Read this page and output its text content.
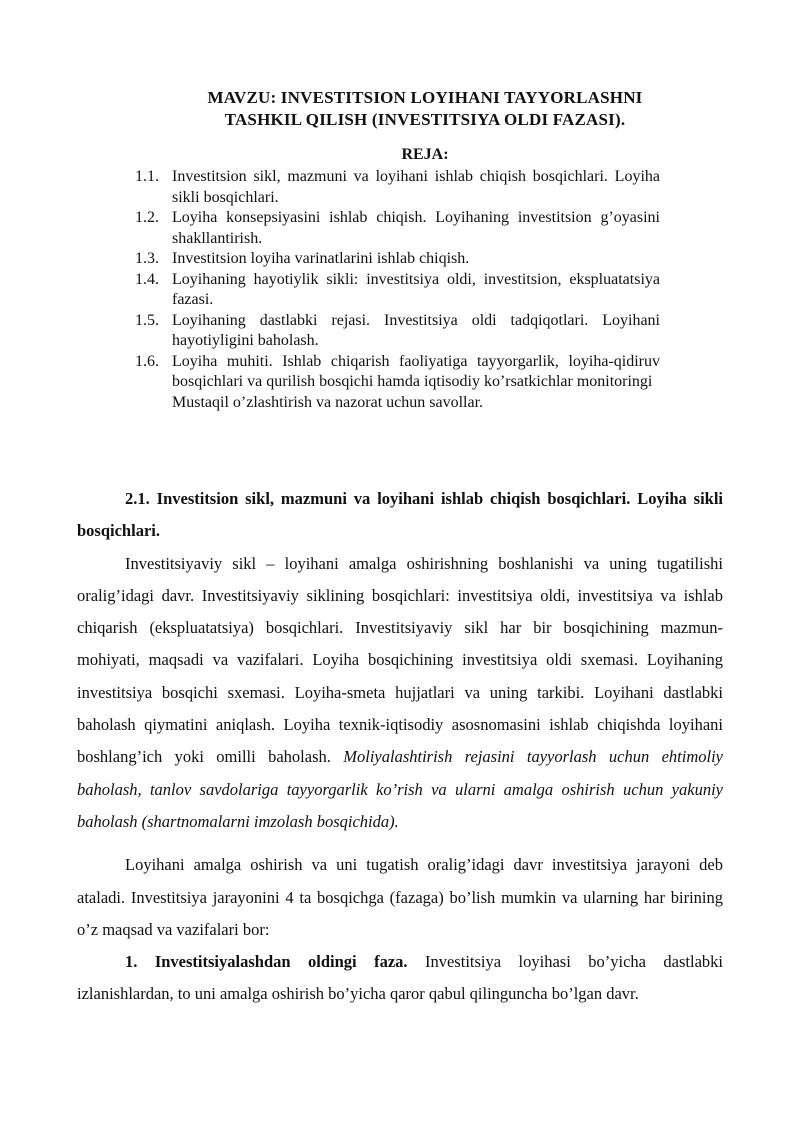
MAVZU: INVESTITSION LOYIHANI TAYYORLASHNI
TASHKIL QILISH (INVESTITSIYA OLDI FAZASI).
REJA:
1.1. Investitsion sikl, mazmuni va loyihani ishlab chiqish bosqichlari. Loyiha sikli bosqichlari.
1.2. Loyiha konsepsiyasini ishlab chiqish. Loyihaning investitsion g’oyasini shakllantirish.
1.3. Investitsion loyiha varinatlarini ishlab chiqish.
1.4. Loyihaning hayotiylik sikli: investitsiya oldi, investitsion, ekspluatatsiya fazasi.
1.5. Loyihaning dastlabki rejasi. Investitsiya oldi tadqiqotlari. Loyihani hayotiyligini baholash.
1.6. Loyiha muhiti. Ishlab chiqarish faoliyatiga tayyorgarlik, loyiha-qidiruv bosqichlari va qurilish bosqichi hamda iqtisodiy ko’rsatkichlar monitoringi
Mustaqil o’zlashtirish va nazorat uchun savollar.

2.1. Investitsion sikl, mazmuni va loyihani ishlab chiqish bosqichlari. Loyiha sikli bosqichlari.

Investitsiyaviy sikl – loyihani amalga oshirishning boshlanishi va uning tugatilishi oralig’idagi davr. Investitsiyaviy siklining bosqichlari: investitsiya oldi, investitsiya va ishlab chiqarish (ekspluatatsiya) bosqichlari. Investitsiyaviy sikl har bir bosqichining mazmun-mohiyati, maqsadi va vazifalari. Loyiha bosqichining investitsiya oldi sxemasi. Loyihaning investitsiya bosqichi sxemasi. Loyiha-smeta hujjatlari va uning tarkibi. Loyihani dastlabki baholash qiymatini aniqlash. Loyiha texnik-iqtisodiy asosnomasini ishlab chiqishda loyihani boshlang’ich yoki omilli baholash. Moliyalashtirish rejasini tayyorlash uchun ehtimoliy baholash, tanlov savdolariga tayyorgarlik ko’rish va ularni amalga oshirish uchun yakuniy baholash (shartnomalarni imzolash bosqichida).

Loyihani amalga oshirish va uni tugatish oralig’idagi davr investitsiya jarayoni deb ataladi. Investitsiya jarayonini 4 ta bosqichga (fazaga) bo’lish mumkin va ularning har birining o’z maqsad va vazifalari bor:

1. Investitsiyalashdan oldingi faza. Investitsiya loyihasi bo’yicha dastlabki izlanishlardan, to uni amalga oshirish bo’yicha qaror qabul qilinguncha bo’lgan davr.
